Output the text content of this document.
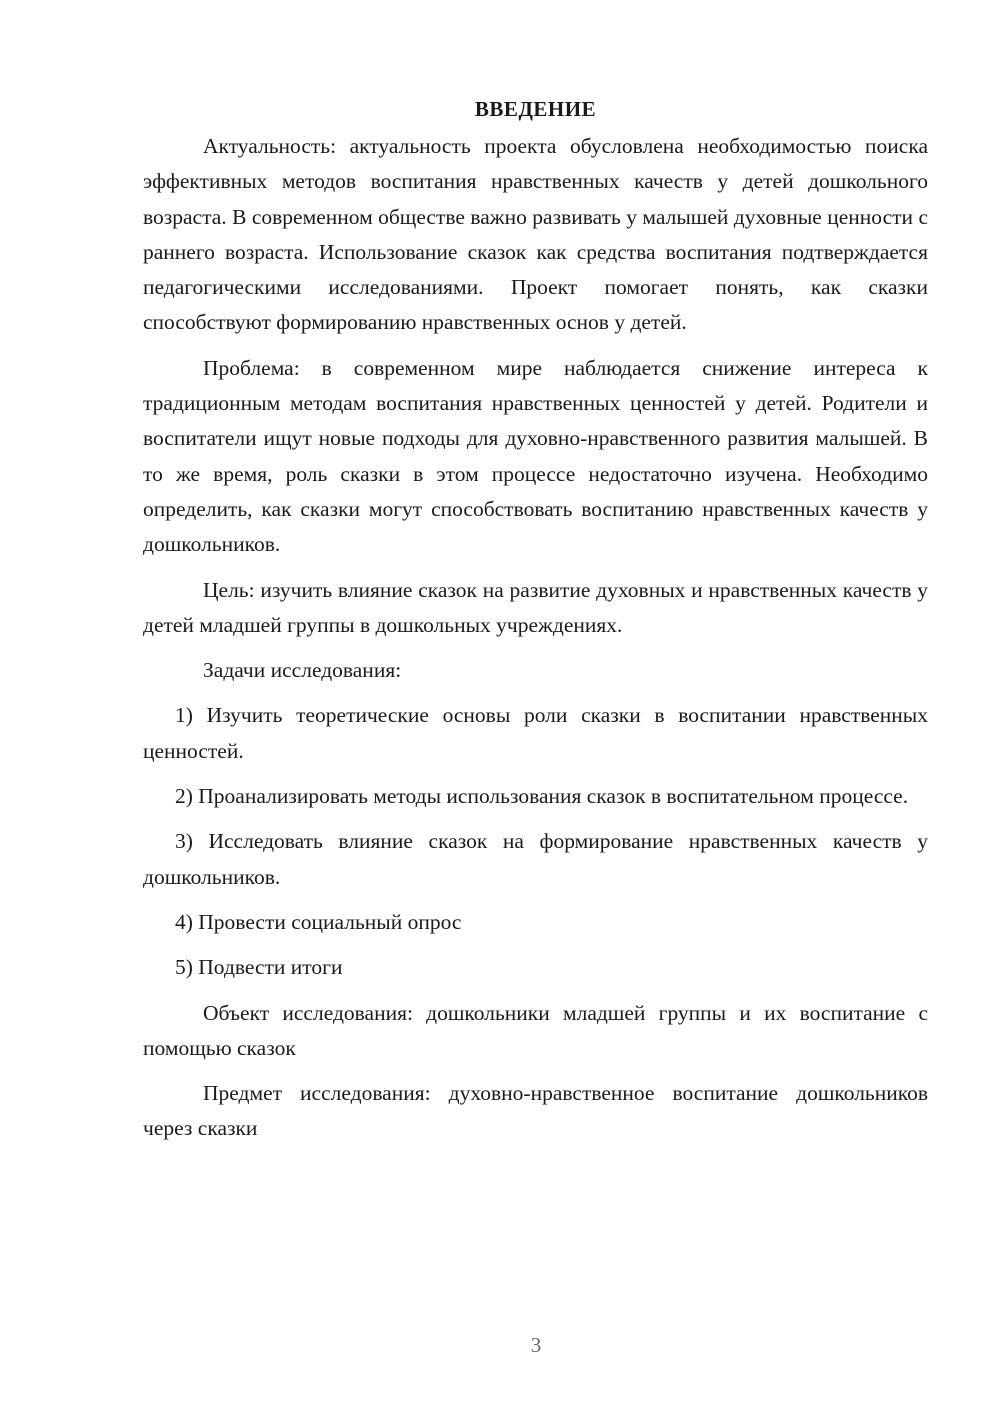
ВВЕДЕНИЕ

Актуальность: актуальность проекта обусловлена необходимостью поиска эффективных методов воспитания нравственных качеств у детей дошкольного возраста. В современном обществе важно развивать у малышей духовные ценности с раннего возраста. Использование сказок как средства воспитания подтверждается педагогическими исследованиями. Проект помогает понять, как сказки способствуют формированию нравственных основ у детей.

Проблема: в современном мире наблюдается снижение интереса к традиционным методам воспитания нравственных ценностей у детей. Родители и воспитатели ищут новые подходы для духовно-нравственного развития малышей. В то же время, роль сказки в этом процессе недостаточно изучена. Необходимо определить, как сказки могут способствовать воспитанию нравственных качеств у дошкольников.

Цель: изучить влияние сказок на развитие духовных и нравственных качеств у детей младшей группы в дошкольных учреждениях.

Задачи исследования:

1) Изучить теоретические основы роли сказки в воспитании нравственных ценностей.

2) Проанализировать методы использования сказок в воспитательном процессе.

3) Исследовать влияние сказок на формирование нравственных качеств у дошкольников.

4) Провести социальный опрос

5) Подвести итоги

Объект исследования: дошкольники младшей группы и их воспитание с помощью сказок

Предмет исследования: духовно-нравственное воспитание дошкольников через сказки

3
